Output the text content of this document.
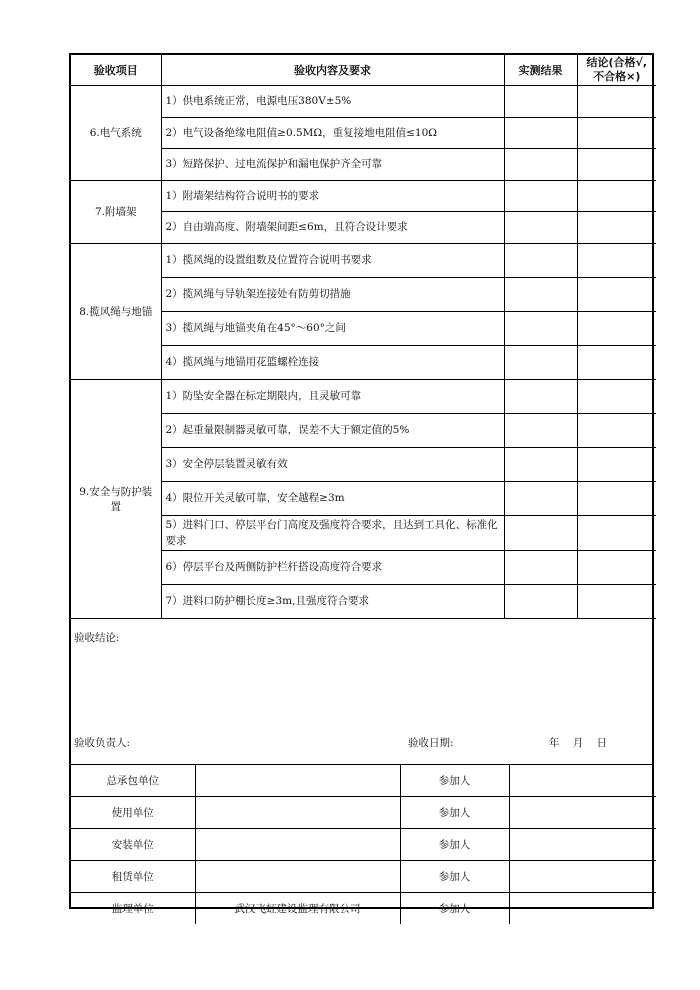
验收项目	验收内容及要求	实测结果	结论(合格√,
不合格×)
6.电气系统	1）供电系统正常，电源电压380V±5%		
	2）电气设备绝缘电阻值≥0.5MΩ，重复接地电阻值≤10Ω		
	3）短路保护、过电流保护和漏电保护齐全可靠		
7.附墙架	1）附墙架结构符合说明书的要求		
	2）自由端高度、附墙架间距≤6m，且符合设计要求		
8.揽风绳与地锚	1）揽风绳的设置组数及位置符合说明书要求		
	2）揽风绳与导轨架连接处有防剪切措施		
	3）揽风绳与地锚夹角在45°～60°之间		
	4）揽风绳与地锚用花篮螺栓连接		
9.安全与防护装
置	1）防坠安全器在标定期限内，且灵敏可靠		
	2）起重量限制器灵敏可靠，误差不大于额定值的5%		
	3）安全停层装置灵敏有效		
	4）限位开关灵敏可靠，安全越程≥3m		
	5）进料门口、停层平台门高度及强度符合要求，且达到工具化、标准化要求		
	6）停层平台及两侧防护栏杆搭设高度符合要求		
	7）进料口防护棚长度≥3m,且强度符合要求		
验收结论:
验收负责人:	验收日期:	年 月 日
总承包单位		参加人	
使用单位		参加人	
安装单位		参加人	
租赁单位		参加人	
监理单位	武汉飞虹建设监理有限公司	参加人	
